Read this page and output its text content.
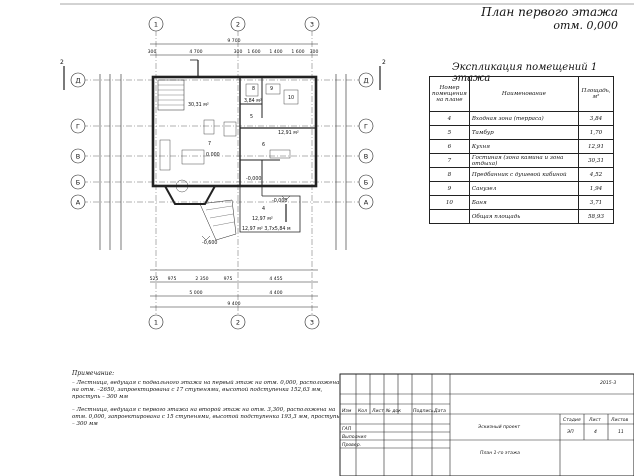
План первого этажа
отм. 0,000
Экспликация помещений 1 этажа
Номер помещения на плане	Наименование	Площадь, м²
4	Входная зона (терраса)	3,84
5	Тамбур	1,70
6	Кухня	12,91
7	Гостиная (зона камина и зона отдыха)	30,31
8	Предбанник с душевой кабиной	4,52
9	Санузел	1,94
10	Баня	3,71
	Общая площадь	58,93
1	2	3
1	2	3
Д
Г
В
Б
А
Д
Г
В
Б
А
2	2
9 700
300	4 700	300 1 600 1 400 1 600 300
525 975	2 350	975	4 455
5 000	4 400
9 400
30,31 м²
3,84 м²
12,91 м²
12,97 м²
12,97 м² 3,7х5,84 м
7	6
5
4
8	9
10
0,000
-0,600
-0,000
-0,000
2015-3
Изм Кол Лист № док	Подпись Дата
ГАП
Выполнил
Провер.
Эскизный проект
Стадия Лист Листов
ЭП	4	11
План 1-го этажа
Примечание:
– Лестница, ведущая с подвального этажа на первый этаж на отм. 0,000, расположена на отм. –2650, запроектирована с 17 ступенями, высотой подступенка 152,63 мм, проступь – 300 мм
– Лестница, ведущая с первого этажа на второй этаж на отм. 3,300, расположена на отм. 0,000, запроектирована с 15 ступенями, высотой подступенка 193,3 мм, проступь – 300 мм
